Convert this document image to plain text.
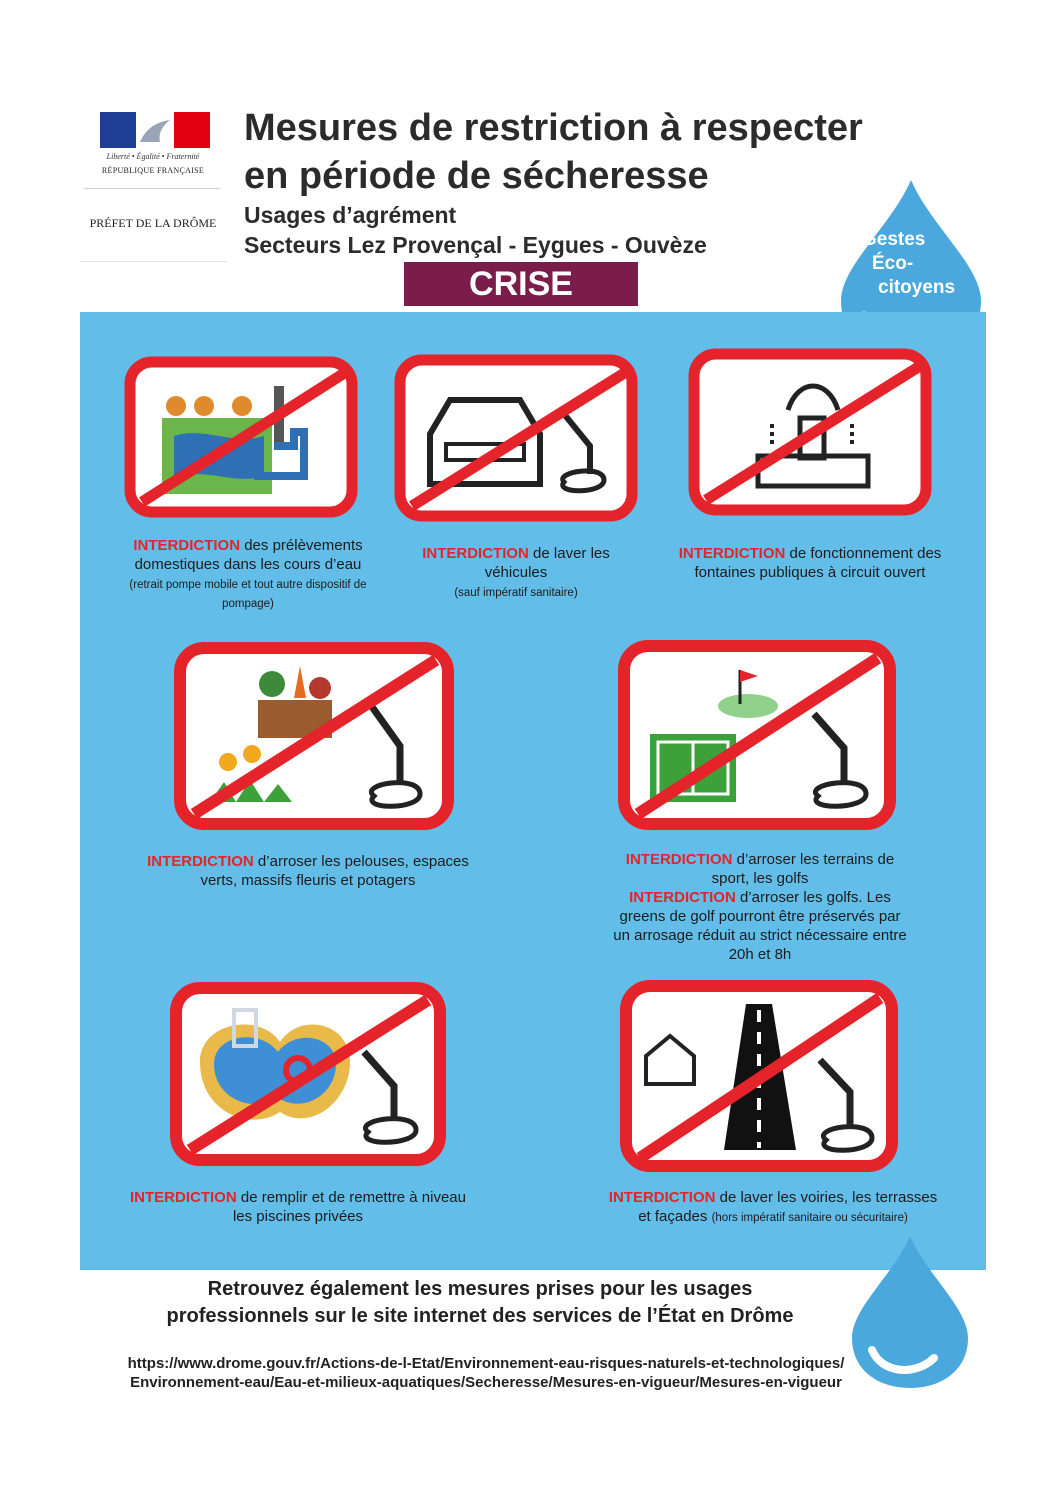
Liberté • Égalité • Fraternité
RÉPUBLIQUE FRANÇAISE
PRÉFET DE LA DRÔME
Mesures de restriction à respecter
en période de sécheresse
Usages d’agrément
Secteurs Lez Provençal - Eygues - Ouvèze
CRISE
Gestes
Éco-
citoyens
INTERDICTION des prélèvements domestiques dans les cours d’eau (retrait pompe mobile et tout autre dispositif de pompage)
INTERDICTION de laver les véhicules
(sauf impératif sanitaire)
INTERDICTION de fonctionnement des fontaines publiques à circuit ouvert
INTERDICTION d’arroser les pelouses, espaces verts, massifs fleuris et potagers
INTERDICTION d’arroser les terrains de sport, les golfs
INTERDICTION d’arroser les golfs. Les greens de golf pourront être préservés par un arrosage réduit au strict nécessaire entre 20h et 8h
INTERDICTION de remplir et de remettre à niveau les piscines privées
INTERDICTION de laver les voiries, les terrasses et façades (hors impératif sanitaire ou sécuritaire)
Retrouvez également les mesures prises pour les usages
professionnels sur le site internet des services de l’État en Drôme
https://www.drome.gouv.fr/Actions-de-l-Etat/Environnement-eau-risques-naturels-et-technologiques/
Environnement-eau/Eau-et-milieux-aquatiques/Secheresse/Mesures-en-vigueur/Mesures-en-vigueur
